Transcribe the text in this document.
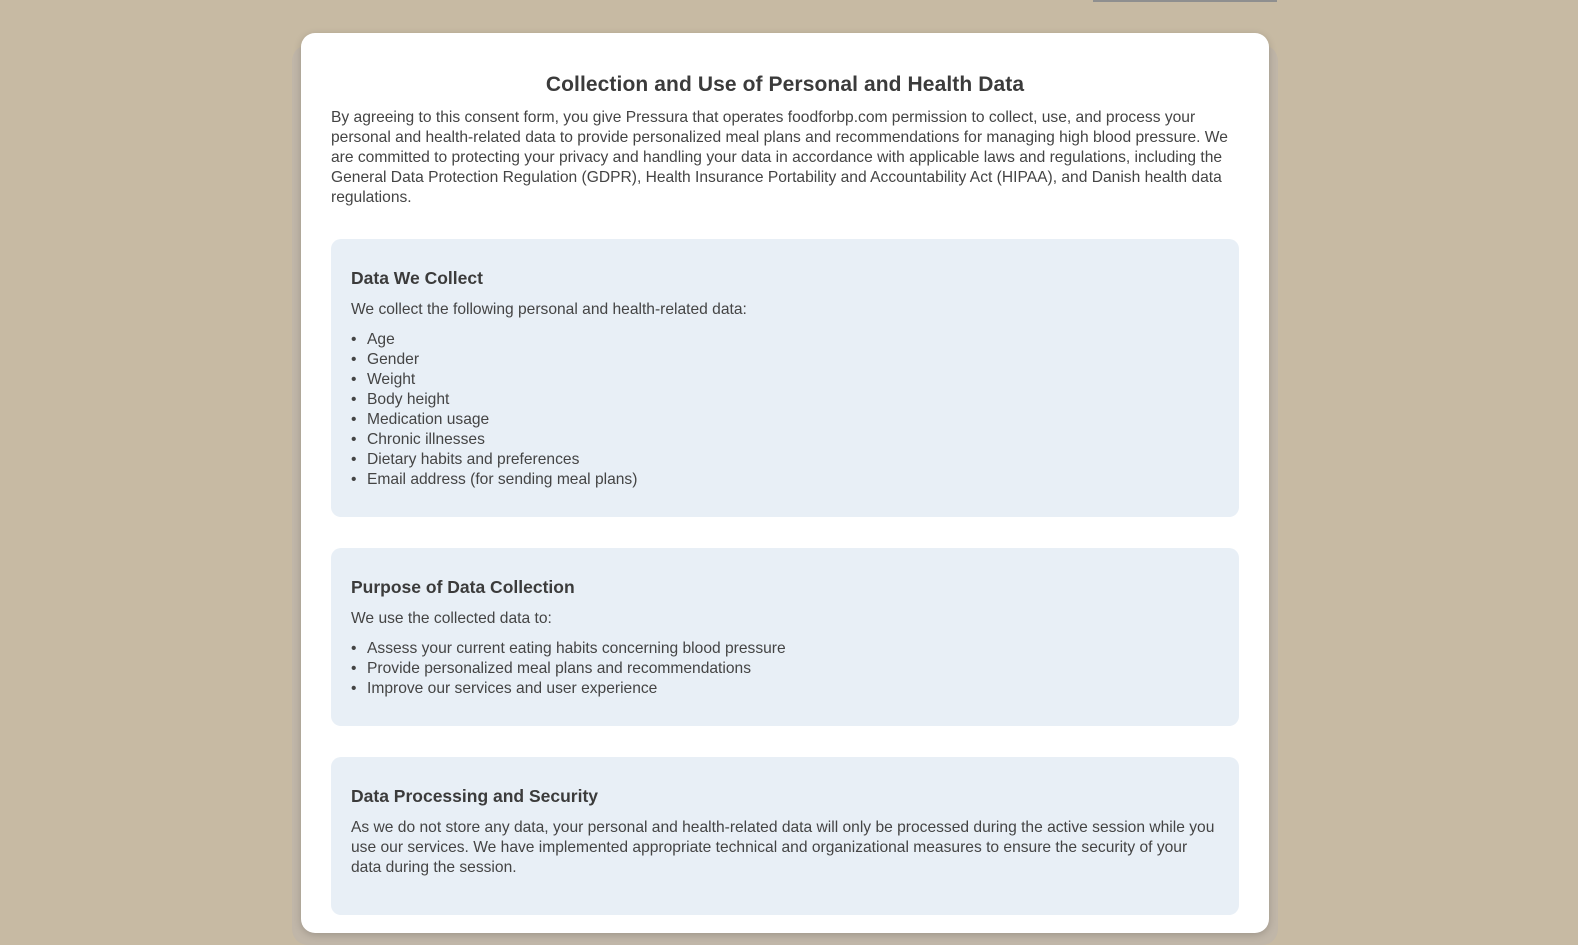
Collection and Use of Personal and Health Data

By agreeing to this consent form, you give Pressura that operates foodforbp.com permission to collect, use, and process your personal and health-related data to provide personalized meal plans and recommendations for managing high blood pressure. We are committed to protecting your privacy and handling your data in accordance with applicable laws and regulations, including the General Data Protection Regulation (GDPR), Health Insurance Portability and Accountability Act (HIPAA), and Danish health data regulations.

Data We Collect

We collect the following personal and health-related data:

• Age
• Gender
• Weight
• Body height
• Medication usage
• Chronic illnesses
• Dietary habits and preferences
• Email address (for sending meal plans)
Purpose of Data Collection

We use the collected data to:

• Assess your current eating habits concerning blood pressure
• Provide personalized meal plans and recommendations
• Improve our services and user experience
Data Processing and Security

As we do not store any data, your personal and health-related data will only be processed during the active session while you use our services. We have implemented appropriate technical and organizational measures to ensure the security of your data during the session.
